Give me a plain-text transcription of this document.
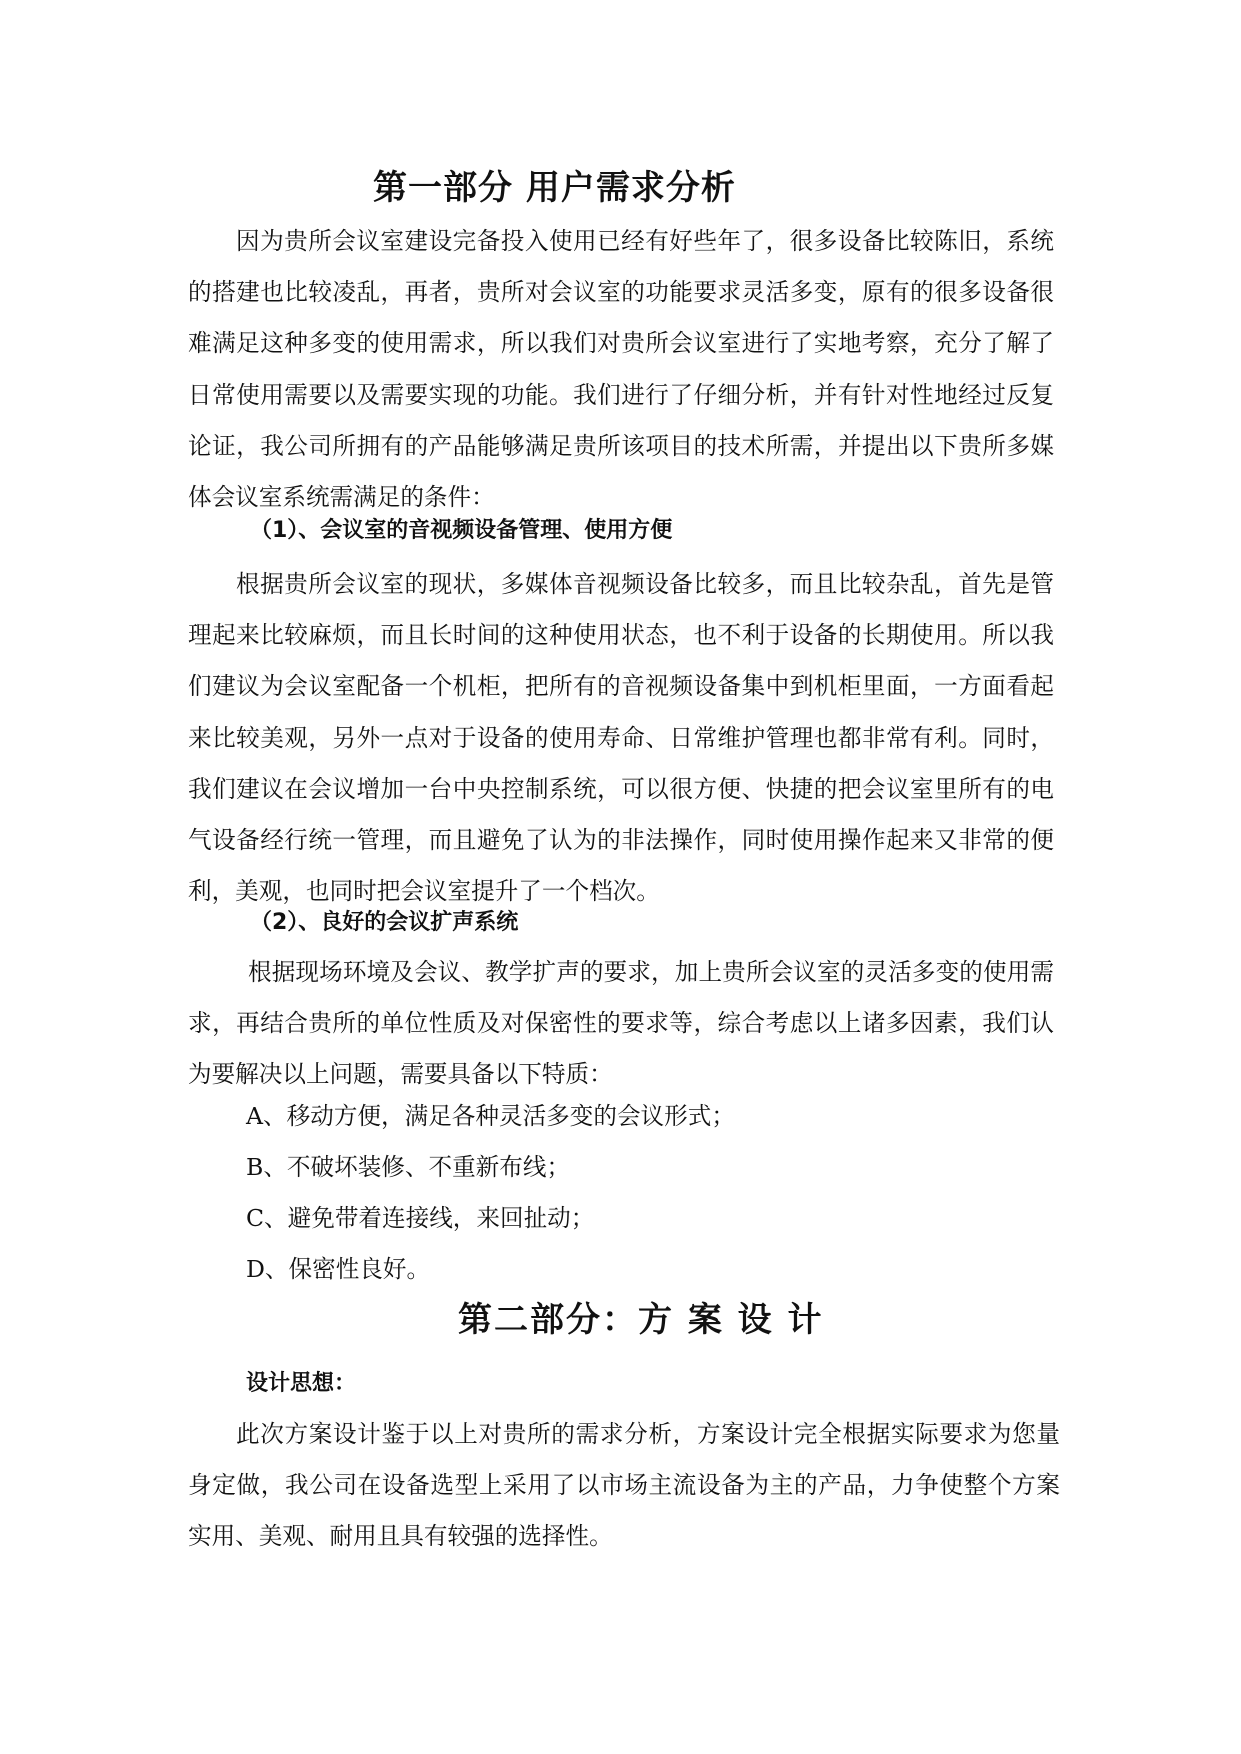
第一部分 用户需求分析

因为贵所会议室建设完备投入使用已经有好些年了，很多设备比较陈旧，系统的搭建也比较凌乱，再者，贵所对会议室的功能要求灵活多变，原有的很多设备很难满足这种多变的使用需求，所以我们对贵所会议室进行了实地考察，充分了解了日常使用需要以及需要实现的功能。我们进行了仔细分析，并有针对性地经过反复论证，我公司所拥有的产品能够满足贵所该项目的技术所需，并提出以下贵所多媒体会议室系统需满足的条件：

（1）、会议室的音视频设备管理、使用方便

根据贵所会议室的现状，多媒体音视频设备比较多，而且比较杂乱，首先是管理起来比较麻烦，而且长时间的这种使用状态，也不利于设备的长期使用。所以我们建议为会议室配备一个机柜，把所有的音视频设备集中到机柜里面，一方面看起来比较美观，另外一点对于设备的使用寿命、日常维护管理也都非常有利。同时，我们建议在会议增加一台中央控制系统，可以很方便、快捷的把会议室里所有的电气设备经行统一管理，而且避免了认为的非法操作，同时使用操作起来又非常的便利，美观，也同时把会议室提升了一个档次。

（2）、良好的会议扩声系统

根据现场环境及会议、教学扩声的要求，加上贵所会议室的灵活多变的使用需求，再结合贵所的单位性质及对保密性的要求等，综合考虑以上诸多因素，我们认为要解决以上问题，需要具备以下特质：

A、移动方便，满足各种灵活多变的会议形式；

B、不破坏装修、不重新布线；

C、避免带着连接线，来回扯动；

D、保密性良好。

第二部分：方 案 设 计
设计思想：

此次方案设计鉴于以上对贵所的需求分析，方案设计完全根据实际要求为您量身定做，我公司在设备选型上采用了以市场主流设备为主的产品，力争使整个方案实用、美观、耐用且具有较强的选择性。
